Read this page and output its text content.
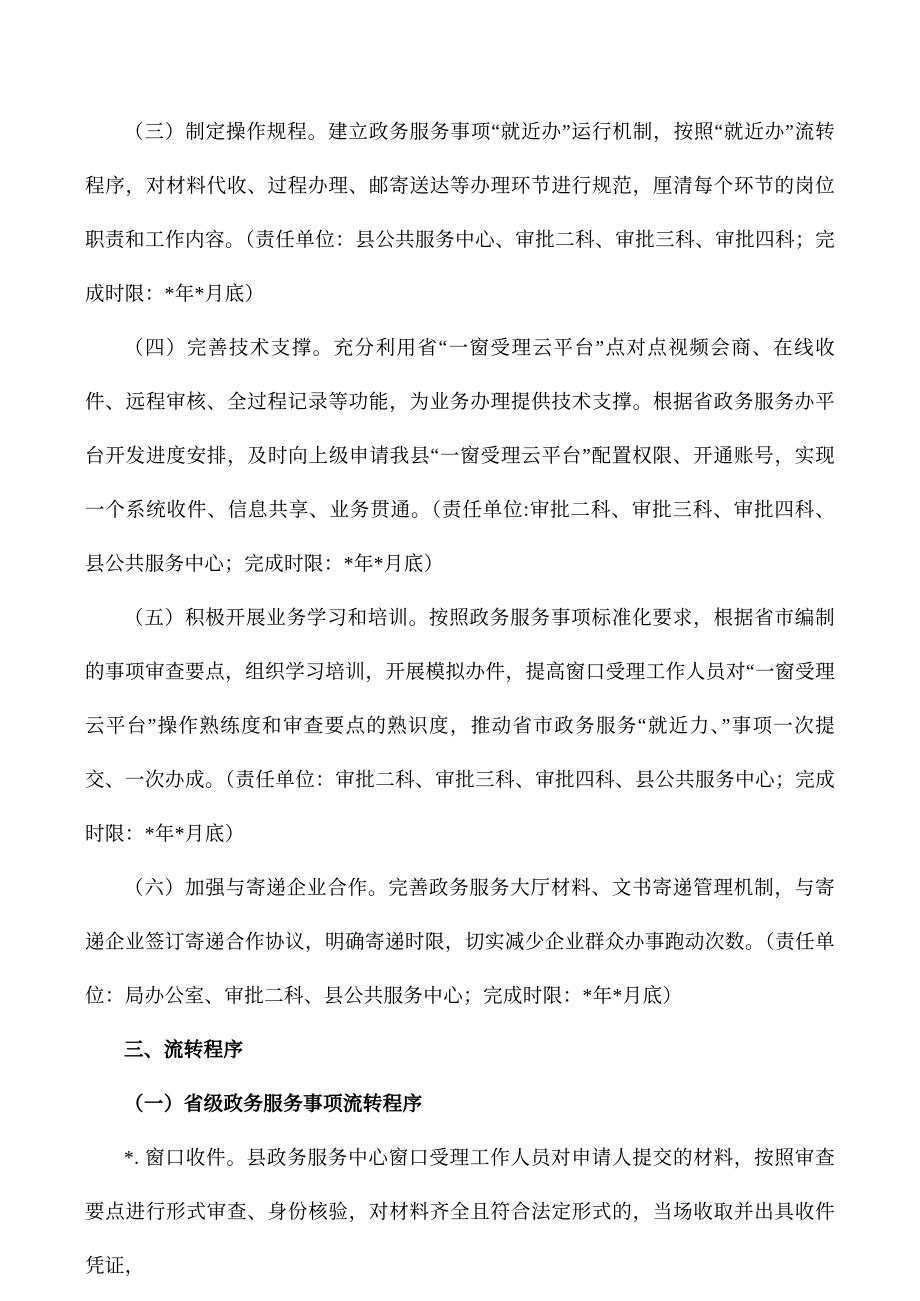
（三）制定操作规程。建立政务服务事项“就近办”运行机制，按照“就近办”流转程序，对材料代收、过程办理、邮寄送达等办理环节进行规范，厘清每个环节的岗位职责和工作内容。（责任单位：县公共服务中心、审批二科、审批三科、审批四科；完成时限：*年*月底）

（四）完善技术支撑。充分利用省“一窗受理云平台”点对点视频会商、在线收件、远程审核、全过程记录等功能，为业务办理提供技术支撑。根据省政务服务办平台开发进度安排，及时向上级申请我县“一窗受理云平台”配置权限、开通账号，实现一个系统收件、信息共享、业务贯通。（责任单位:审批二科、审批三科、审批四科、县公共服务中心；完成时限：*年*月底）

（五）积极开展业务学习和培训。按照政务服务事项标准化要求，根据省市编制的事项审查要点，组织学习培训，开展模拟办件，提高窗口受理工作人员对“一窗受理云平台”操作熟练度和审查要点的熟识度，推动省市政务服务“就近力、”事项一次提交、一次办成。（责任单位：审批二科、审批三科、审批四科、县公共服务中心；完成时限：*年*月底）

（六）加强与寄递企业合作。完善政务服务大厅材料、文书寄递管理机制，与寄递企业签订寄递合作协议，明确寄递时限，切实减少企业群众办事跑动次数。（责任单位：局办公室、审批二科、县公共服务中心；完成时限：*年*月底）

三、流转程序

（一）省级政务服务事项流转程序

*. 窗口收件。县政务服务中心窗口受理工作人员对申请人提交的材料，按照审查要点进行形式审查、身份核验，对材料齐全且符合法定形式的，当场收取并出具收件凭证，
